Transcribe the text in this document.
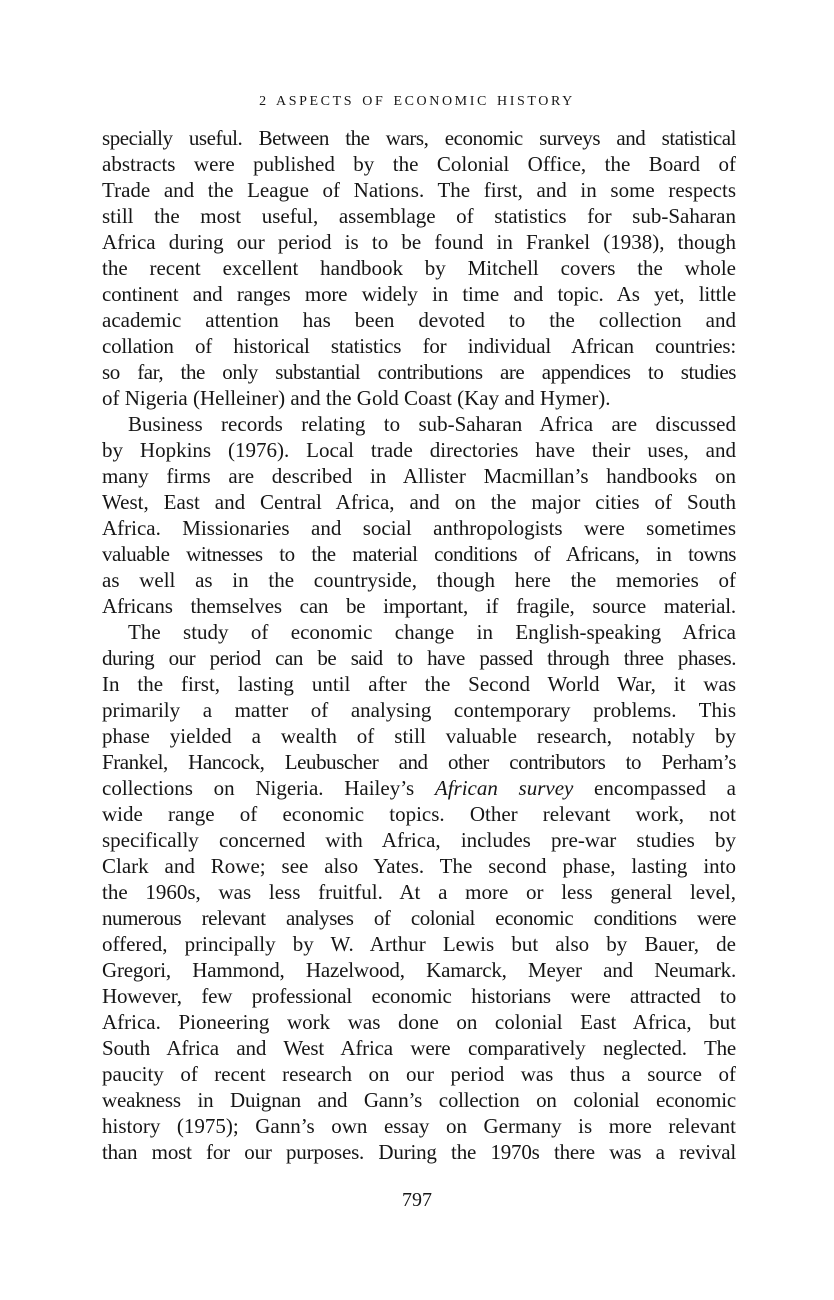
2 ASPECTS OF ECONOMIC HISTORY
specially useful. Between the wars, economic surveys and statistical
abstracts were published by the Colonial Office, the Board of
Trade and the League of Nations. The first, and in some respects
still the most useful, assemblage of statistics for sub-Saharan
Africa during our period is to be found in Frankel (1938), though
the recent excellent handbook by Mitchell covers the whole
continent and ranges more widely in time and topic. As yet, little
academic attention has been devoted to the collection and
collation of historical statistics for individual African countries:
so far, the only substantial contributions are appendices to studies
of Nigeria (Helleiner) and the Gold Coast (Kay and Hymer).
Business records relating to sub-Saharan Africa are discussed
by Hopkins (1976). Local trade directories have their uses, and
many firms are described in Allister Macmillan’s handbooks on
West, East and Central Africa, and on the major cities of South
Africa. Missionaries and social anthropologists were sometimes
valuable witnesses to the material conditions of Africans, in towns
as well as in the countryside, though here the memories of
Africans themselves can be important, if fragile, source material.
The study of economic change in English-speaking Africa
during our period can be said to have passed through three phases.
In the first, lasting until after the Second World War, it was
primarily a matter of analysing contemporary problems. This
phase yielded a wealth of still valuable research, notably by
Frankel, Hancock, Leubuscher and other contributors to Perham’s
collections on Nigeria. Hailey’s African survey encompassed a
wide range of economic topics. Other relevant work, not
specifically concerned with Africa, includes pre-war studies by
Clark and Rowe; see also Yates. The second phase, lasting into
the 1960s, was less fruitful. At a more or less general level,
numerous relevant analyses of colonial economic conditions were
offered, principally by W. Arthur Lewis but also by Bauer, de
Gregori, Hammond, Hazelwood, Kamarck, Meyer and Neumark.
However, few professional economic historians were attracted to
Africa. Pioneering work was done on colonial East Africa, but
South Africa and West Africa were comparatively neglected. The
paucity of recent research on our period was thus a source of
weakness in Duignan and Gann’s collection on colonial economic
history (1975); Gann’s own essay on Germany is more relevant
than most for our purposes. During the 1970s there was a revival
797
